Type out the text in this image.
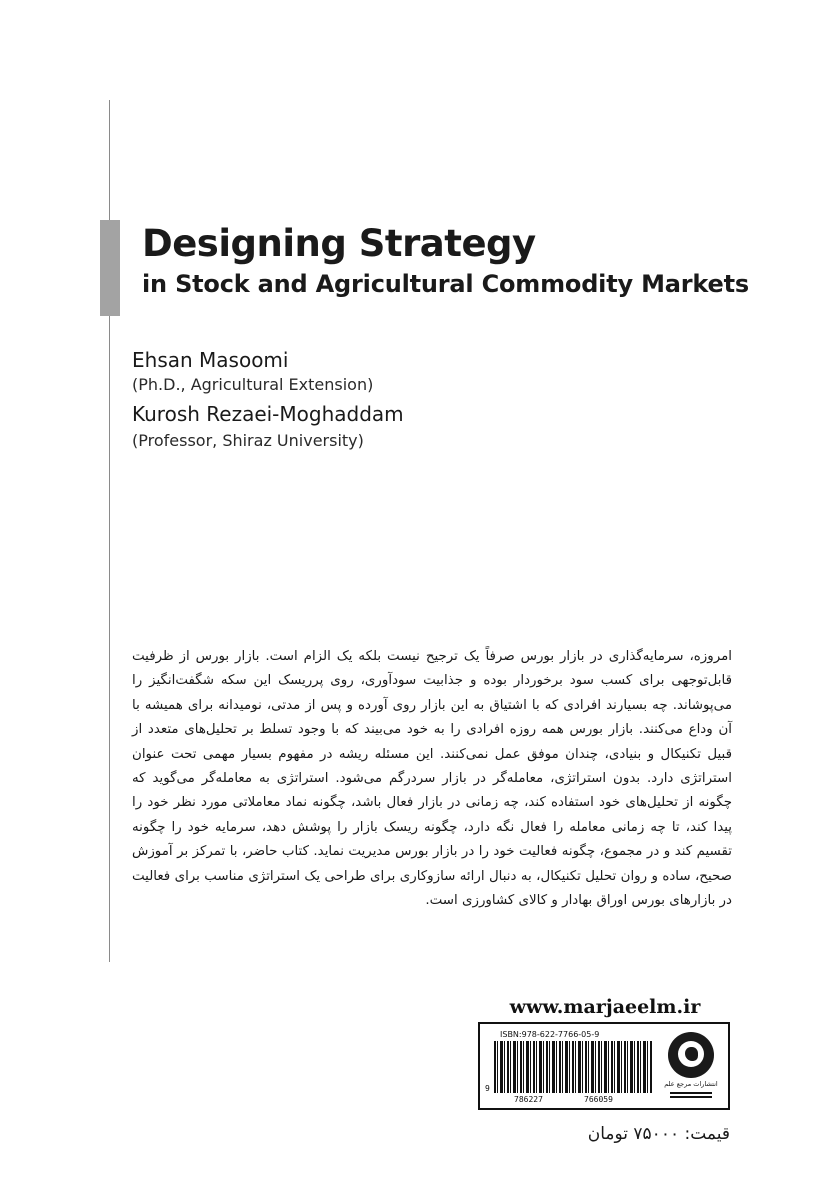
Designing Strategy
in Stock and Agricultural Commodity Markets

Ehsan Masoomi

(Ph.D., Agricultural Extension)

Kurosh Rezaei-Moghaddam

(Professor, Shiraz University)

امروزه، سرمایه‌گذاری در بازار بورس صرفاً یک ترجیح نیست بلکه یک الزام است. بازار بورس از ظرفیت قابل‌توجهی برای کسب سود برخوردار بوده و جذابیت سودآوری، روی پرریسک این سکه شگفت‌انگیز را می‌پوشاند. چه بسیارند افرادی که با اشتیاق به این بازار روی آورده و پس از مدتی، نومیدانه برای همیشه با آن وداع می‌کنند. بازار بورس همه روزه افرادی را به خود می‌بیند که با وجود تسلط بر تحلیل‌های متعدد از قبیل تکنیکال و بنیادی، چندان موفق عمل نمی‌کنند. این مسئله ریشه در مفهوم بسیار مهمی تحت عنوان استراتژی دارد. بدون استراتژی، معامله‌گر در بازار سردرگم می‌شود. استراتژی به معامله‌گر می‌گوید که چگونه از تحلیل‌های خود استفاده کند، چه زمانی در بازار فعال باشد، چگونه نماد معاملاتی مورد نظر خود را پیدا کند، تا چه زمانی معامله را فعال نگه دارد، چگونه ریسک بازار را پوشش دهد، سرمایه خود را چگونه تقسیم کند و در مجموع، چگونه فعالیت خود را در بازار بورس مدیریت نماید. کتاب حاضر، با تمرکز بر آموزش صحیح، ساده و روان تحلیل تکنیکال، به دنبال ارائه سازوکاری برای طراحی یک استراتژی مناسب برای فعالیت در بازارهای بورس اوراق بهادار و کالای کشاورزی است.

www.marjaeelm.ir

ISBN:978-622-7766-05-9

9

786227	766059

انتشارات مرجع علم

قیمت: ۷۵۰۰۰ تومان
